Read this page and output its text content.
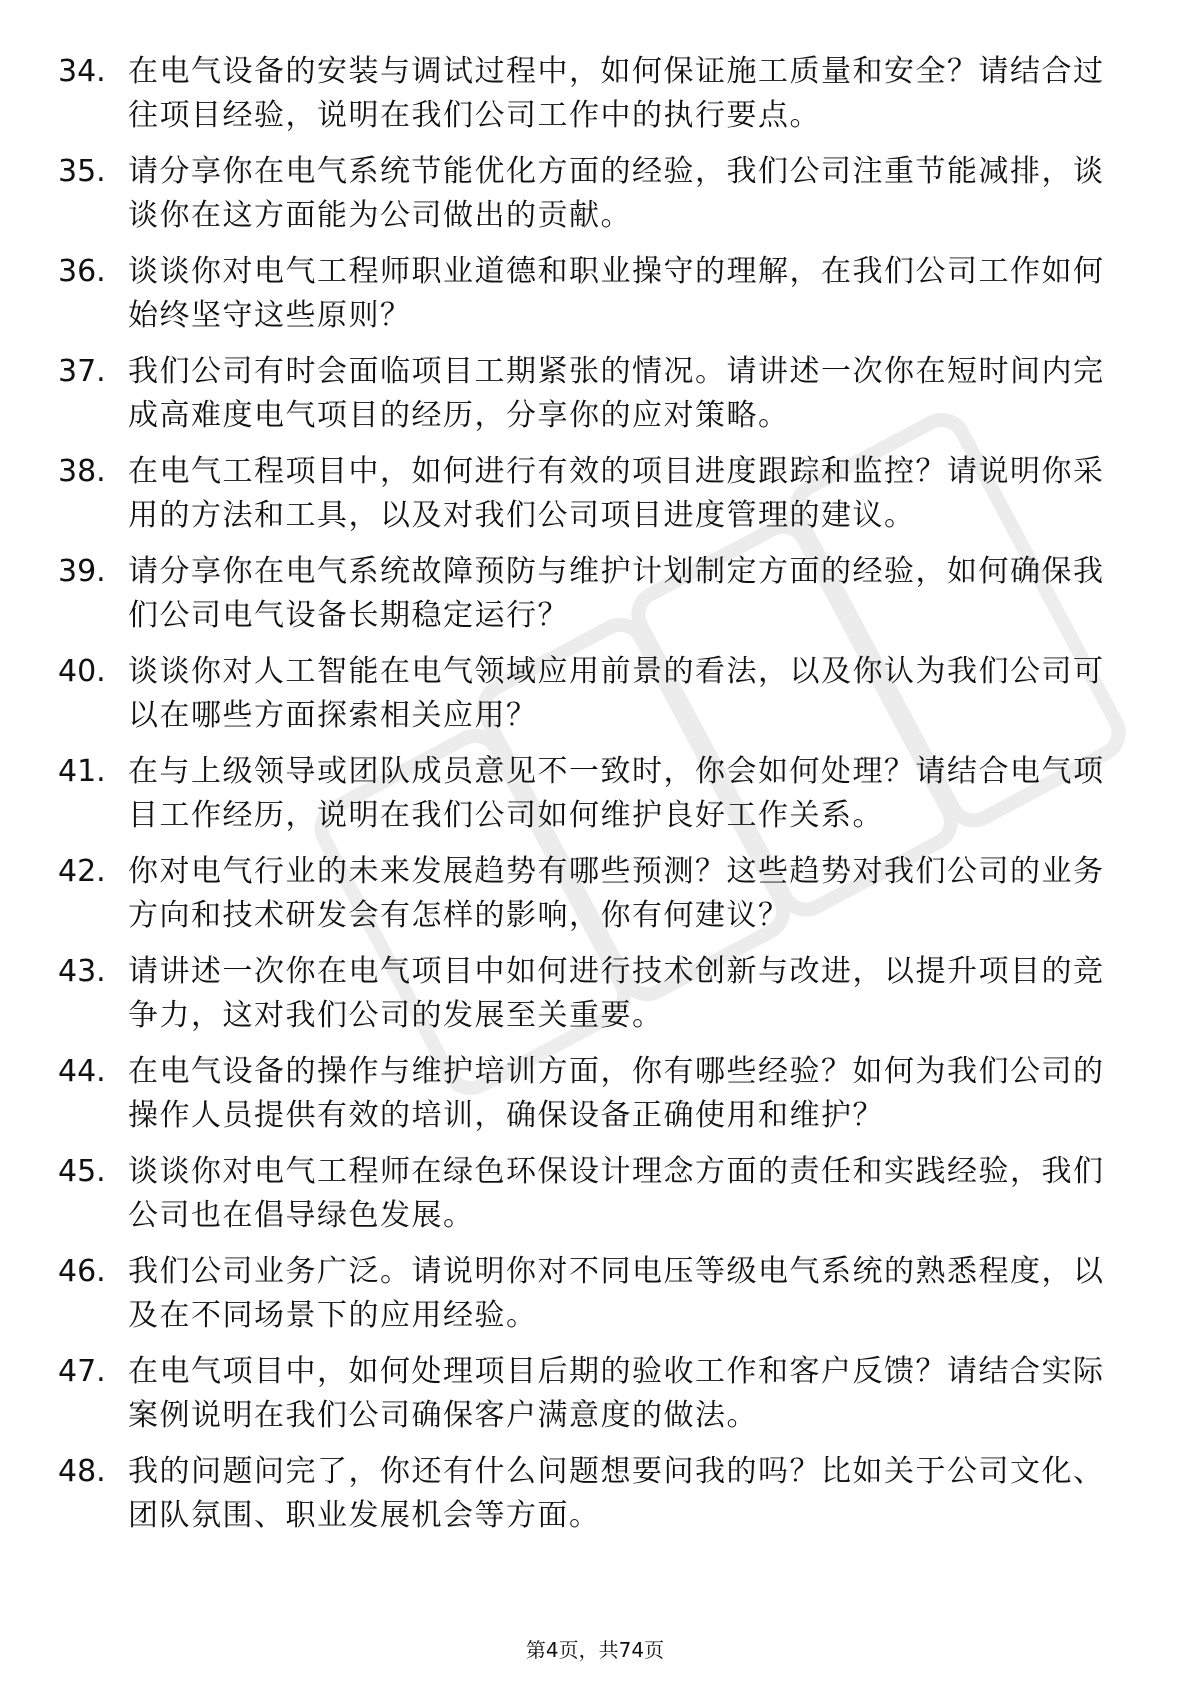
34. 在电气设备的安装与调试过程中，如何保证施工质量和安全？请结合过往项目经验，说明在我们公司工作中的执行要点。
35. 请分享你在电气系统节能优化方面的经验，我们公司注重节能减排，谈谈你在这方面能为公司做出的贡献。
36. 谈谈你对电气工程师职业道德和职业操守的理解，在我们公司工作如何始终坚守这些原则？
37. 我们公司有时会面临项目工期紧张的情况。请讲述一次你在短时间内完成高难度电气项目的经历，分享你的应对策略。
38. 在电气工程项目中，如何进行有效的项目进度跟踪和监控？请说明你采用的方法和工具，以及对我们公司项目进度管理的建议。
39. 请分享你在电气系统故障预防与维护计划制定方面的经验，如何确保我们公司电气设备长期稳定运行？
40. 谈谈你对人工智能在电气领域应用前景的看法，以及你认为我们公司可以在哪些方面探索相关应用？
41. 在与上级领导或团队成员意见不一致时，你会如何处理？请结合电气项目工作经历，说明在我们公司如何维护良好工作关系。
42. 你对电气行业的未来发展趋势有哪些预测？这些趋势对我们公司的业务方向和技术研发会有怎样的影响，你有何建议？
43. 请讲述一次你在电气项目中如何进行技术创新与改进，以提升项目的竞争力，这对我们公司的发展至关重要。
44. 在电气设备的操作与维护培训方面，你有哪些经验？如何为我们公司的操作人员提供有效的培训，确保设备正确使用和维护？
45. 谈谈你对电气工程师在绿色环保设计理念方面的责任和实践经验，我们公司也在倡导绿色发展。
46. 我们公司业务广泛。请说明你对不同电压等级电气系统的熟悉程度，以及在不同场景下的应用经验。
47. 在电气项目中，如何处理项目后期的验收工作和客户反馈？请结合实际案例说明在我们公司确保客户满意度的做法。
48. 我的问题问完了，你还有什么问题想要问我的吗？比如关于公司文化、团队氛围、职业发展机会等方面。
第4页，共74页
